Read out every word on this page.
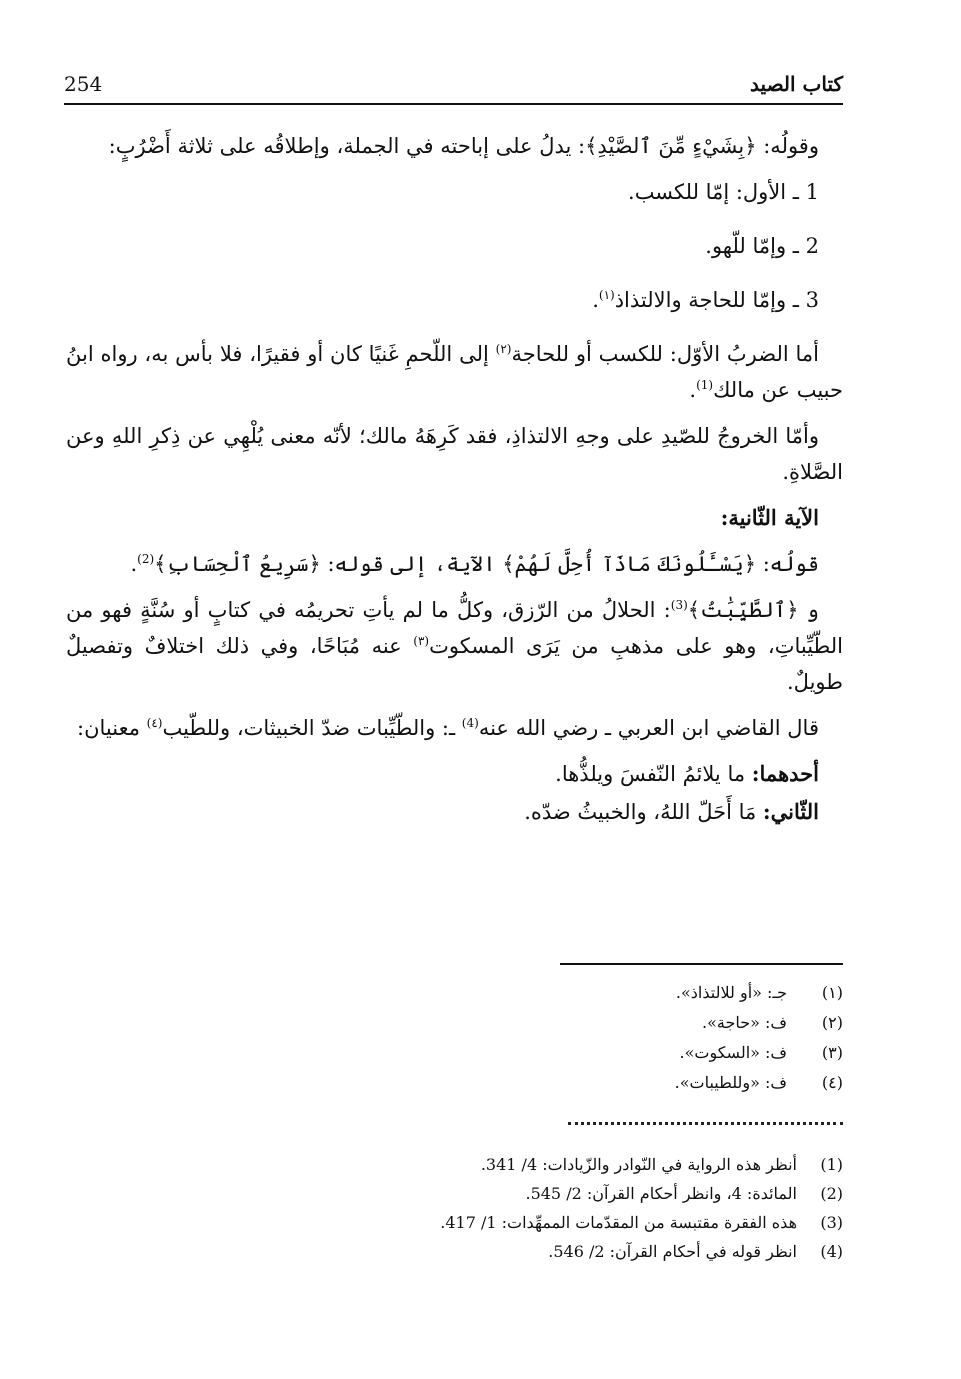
254	كتاب الصيد

وقولُه: ﴿بِشَيْءٍ مِّنَ ٱلصَّيْدِ﴾: يدلُ على إباحته في الجملة، وإطلاقُه على ثلاثة أَضْرُبٍ:

1 ـ الأول: إمّا للكسب.

2 ـ وإمّا للّهو.

3 ـ وإمّا للحاجة والالتذاذ$^{(١)}$.

أما الضربُ الأوّل: للكسب أو للحاجة$^{(٢)}$ إلى اللّحمِ غَنيًا كان أو فقيرًا، فلا بأس به، رواه ابنُ حبيب عن مالك$^{(1)}$.

وأمّا الخروجُ للصّيدِ على وجهِ الالتذاذِ، فقد كَرِهَهُ مالك؛ لأنّه معنى يُلْهِي عن ذِكرِ اللهِ وعن الصَّلاةِ.

الآية الثّانية:

قولُه: ﴿يَسْـَٔلُونَكَ مَاذَآ أُحِلَّ لَهُمْ﴾ الآية، إلى قوله: ﴿سَرِيعُ ٱلْحِسَابِ﴾$^{(2)}$.

و ﴿ٱلطَّيِّبَٰتُ﴾$^{(3)}$: الحلالُ من الرّزق، وكلُّ ما لم يأتِ تحريمُه في كتابٍ أو سُنَّةٍ فهو من الطّيِّباتِ، وهو على مذهبِ من يَرَى المسكوت$^{(٣)}$ عنه مُبَاحًا، وفي ذلك اختلافٌ وتفصيلٌ طويلٌ.

قال القاضي ابن العربي ـ رضي الله عنه$^{(4)}$ ـ: والطّيِّبات ضدّ الخبيثات، وللطّيب$^{(٤)}$ معنيان:

أحدهما: ما يلائمُ النّفسَ ويلذُّها.

الثّاني: مَا أَحَلّ اللهُ، والخبيثُ ضدّه.

(١)
جـ: «أو للالتذاذ».
(٢)
ف: «حاجة».
(٣)
ف: «السكوت».
(٤)
ف: «وللطيبات».
(1)
أنظر هذه الرواية في النّوادر والزّيادات: 4/ 341.
(2)
المائدة: 4، وانظر أحكام القرآن: 2/ 545.
(3)
هذه الفقرة مقتبسة من المقدّمات الممهِّدات: 1/ 417.
(4)
انظر قوله في أحكام القرآن: 2/ 546.
